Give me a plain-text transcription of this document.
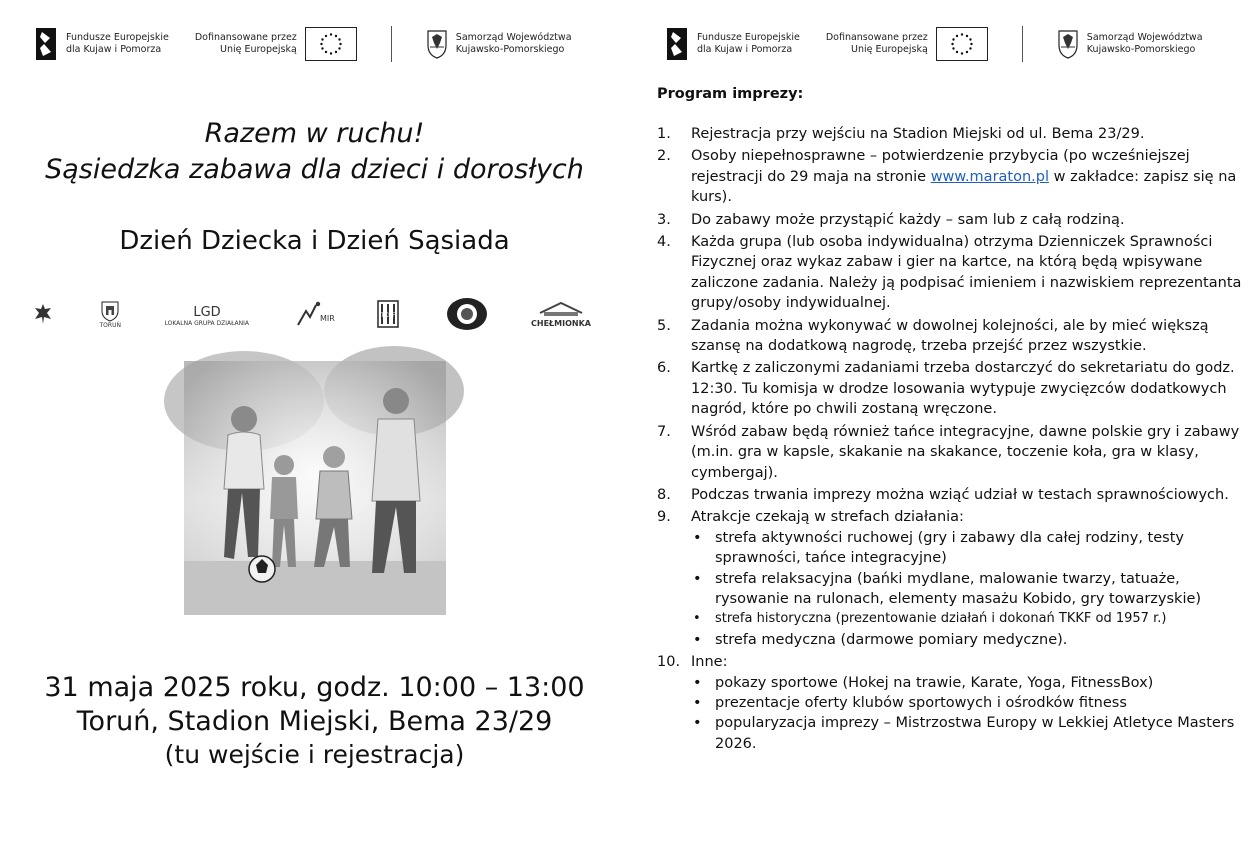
Fundusze Europejskie
dla Kujaw i Pomorza
Dofinansowane przez
Unię Europejską
Samorząd Województwa
Kujawsko-Pomorskiego
Razem w ruchu!
Sąsiedzka zabawa dla dzieci i dorosłych
Dzień Dziecka i Dzień Sąsiada
TORUŃ
LGD
LOKALNA GRUPA DZIAŁANIA	MIR	TKKF
CHEŁMIONKA
31 maja 2025 roku, godz. 10:00 – 13:00
Toruń, Stadion Miejski, Bema 23/29
(tu wejście i rejestracja)
Fundusze Europejskie
dla Kujaw i Pomorza
Dofinansowane przez
Unię Europejską
Samorząd Województwa
Kujawsko-Pomorskiego
Program imprezy:
1. Rejestracja przy wejściu na Stadion Miejski od ul. Bema 23/29.
2. Osoby niepełnosprawne – potwierdzenie przybycia (po wcześniejszej rejestracji do 29 maja na stronie www.maraton.pl w zakładce: zapisz się na kurs).
3. Do zabawy może przystąpić każdy – sam lub z całą rodziną.
4. Każda grupa (lub osoba indywidualna) otrzyma Dzienniczek Sprawności Fizycznej oraz wykaz zabaw i gier na kartce, na którą będą wpisywane zaliczone zadania. Należy ją podpisać imieniem i nazwiskiem reprezentanta grupy/osoby indywidualnej.
5. Zadania można wykonywać w dowolnej kolejności, ale by mieć większą szansę na dodatkową nagrodę, trzeba przejść przez wszystkie.
6. Kartkę z zaliczonymi zadaniami trzeba dostarczyć do sekretariatu do godz. 12:30. Tu komisja w drodze losowania wytypuje zwycięzców dodatkowych nagród, które po chwili zostaną wręczone.
7. Wśród zabaw będą również tańce integracyjne, dawne polskie gry i zabawy (m.in. gra w kapsle, skakanie na skakance, toczenie koła, gra w klasy, cymbergaj).
8. Podczas trwania imprezy można wziąć udział w testach sprawnościowych.
9. Atrakcje czekają w strefach działania:
• strefa aktywności ruchowej (gry i zabawy dla całej rodziny, testy sprawności, tańce integracyjne)
• strefa relaksacyjna (bańki mydlane, malowanie twarzy, tatuaże, rysowanie na rulonach, elementy masażu Kobido, gry towarzyskie)
• strefa historyczna (prezentowanie działań i dokonań TKKF od 1957 r.)
• strefa medyczna (darmowe pomiary medyczne).
10. Inne:
• pokazy sportowe (Hokej na trawie, Karate, Yoga, FitnessBox)
• prezentacje oferty klubów sportowych i ośrodków fitness
• popularyzacja imprezy – Mistrzostwa Europy w Lekkiej Atletyce Masters 2026.
